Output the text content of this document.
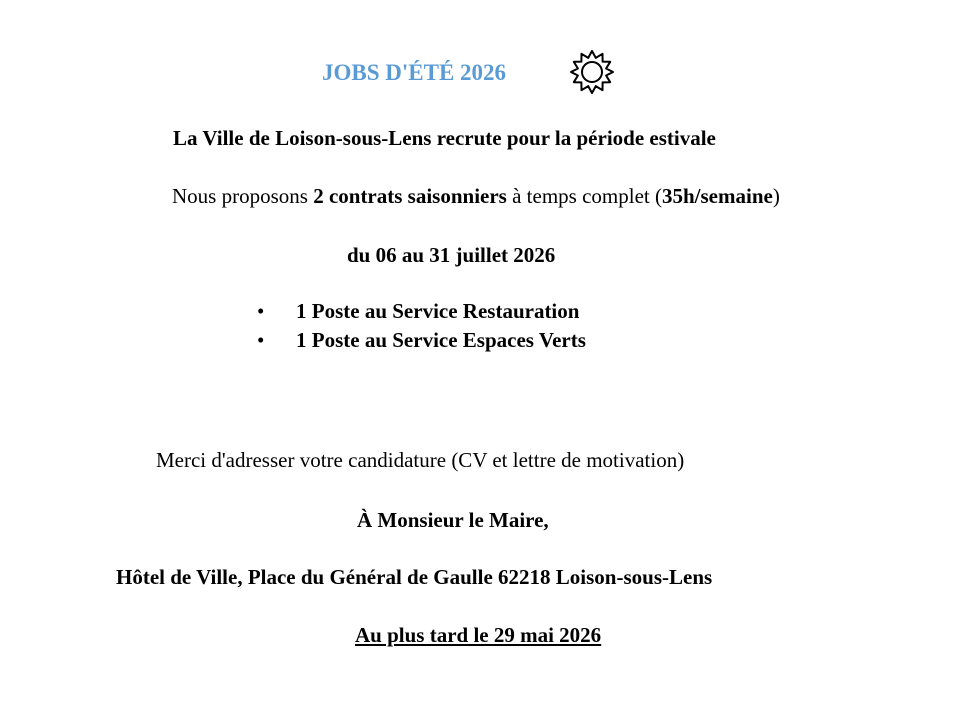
JOBS D'ÉTÉ 2026
La Ville de Loison-sous-Lens recrute pour la période estivale
Nous proposons 2 contrats saisonniers à temps complet (35h/semaine)
du 06 au 31 juillet 2026
• 1 Poste au Service Restauration
• 1 Poste au Service Espaces Verts
Merci d'adresser votre candidature (CV et lettre de motivation)
À Monsieur le Maire,
Hôtel de Ville, Place du Général de Gaulle 62218 Loison-sous-Lens
Au plus tard le 29 mai 2026
